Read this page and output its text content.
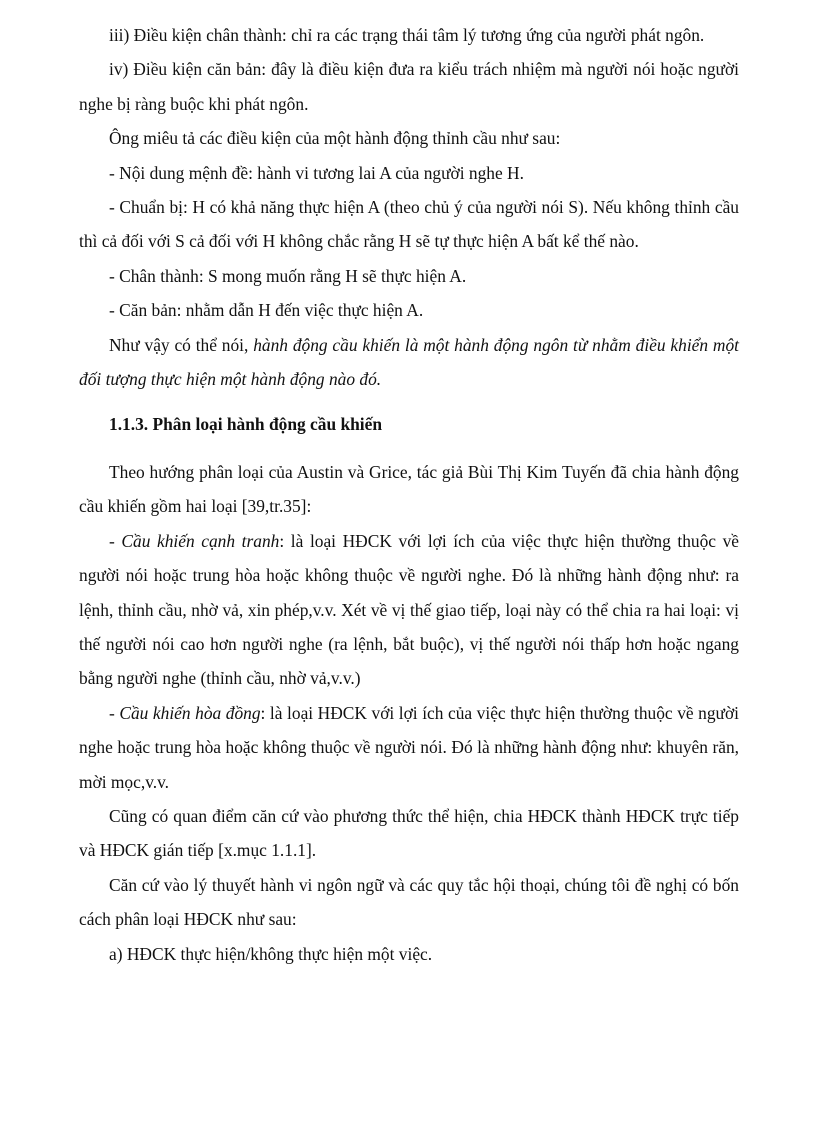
iii) Điều kiện chân thành: chỉ ra các trạng thái tâm lý tương ứng của người phát ngôn.

iv) Điều kiện căn bản: đây là điều kiện đưa ra kiểu trách nhiệm mà người nói hoặc người nghe bị ràng buộc khi phát ngôn.

Ông miêu tả các điều kiện của một hành động thỉnh cầu như sau:

- Nội dung mệnh đề: hành vi tương lai A của người nghe H.

- Chuẩn bị: H có khả năng thực hiện A (theo chủ ý của người nói S). Nếu không thỉnh cầu thì cả đối với S cả đối với H không chắc rằng H sẽ tự thực hiện A bất kể thế nào.

- Chân thành: S mong muốn rằng H sẽ thực hiện A.

- Căn bản: nhằm dẫn H đến việc thực hiện A.

Như vậy có thể nói, hành động cầu khiến là một hành động ngôn từ nhằm điều khiển một đối tượng thực hiện một hành động nào đó.

1.1.3. Phân loại hành động cầu khiến

Theo hướng phân loại của Austin và Grice, tác giả Bùi Thị Kim Tuyến đã chia hành động cầu khiến gồm hai loại [39,tr.35]:

- Cầu khiến cạnh tranh: là loại HĐCK với lợi ích của việc thực hiện thường thuộc về người nói hoặc trung hòa hoặc không thuộc về người nghe. Đó là những hành động như: ra lệnh, thỉnh cầu, nhờ vả, xin phép,v.v. Xét về vị thế giao tiếp, loại này có thể chia ra hai loại: vị thế người nói cao hơn người nghe (ra lệnh, bắt buộc), vị thế người nói thấp hơn hoặc ngang bằng người nghe (thỉnh cầu, nhờ vả,v.v.)

- Cầu khiến hòa đồng: là loại HĐCK với lợi ích của việc thực hiện thường thuộc về người nghe hoặc trung hòa hoặc không thuộc về người nói. Đó là những hành động như: khuyên răn, mời mọc,v.v.

Cũng có quan điểm căn cứ vào phương thức thể hiện, chia HĐCK thành HĐCK trực tiếp và HĐCK gián tiếp [x.mục 1.1.1].

Căn cứ vào lý thuyết hành vi ngôn ngữ và các quy tắc hội thoại, chúng tôi đề nghị có bốn cách phân loại HĐCK như sau:

a) HĐCK thực hiện/không thực hiện một việc.
